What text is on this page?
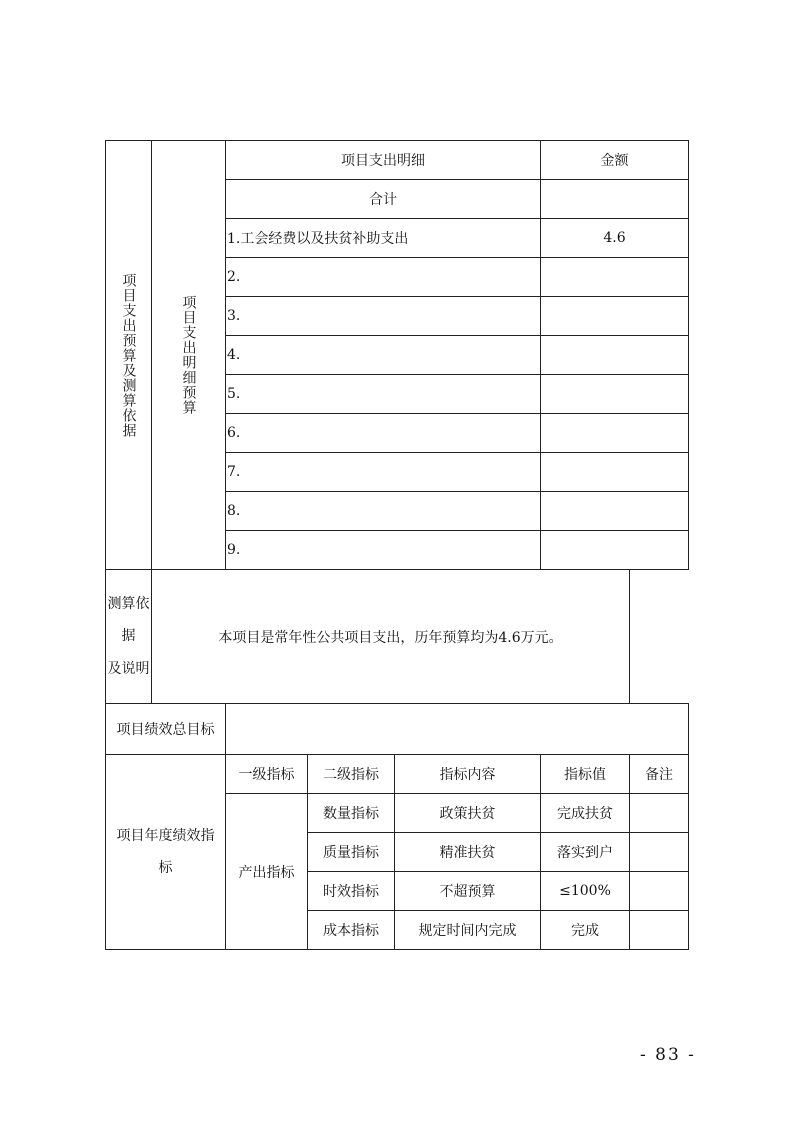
项目支出预算及测算依据	项目支出明细预算	项目支出明细			金额	
		合计				
		1.工会经费以及扶贫补助支出			4.6	
		2.				
		3.				
		4.				
		5.				
		6.				
		7.				
		8.				
		9.				

测算依据
及说明	本项目是常年性公共项目支出，历年预算均为4.6万元。					
项目绩效总目标						

项目年度绩效指
标		一级指标	二级指标	指标内容	指标值	备注
		产出指标	数量指标	政策扶贫	完成扶贫	
			质量指标	精准扶贫	落实到户	
			时效指标	不超预算	≤100%	
			成本指标	规定时间内完成	完成	
- 83 -
